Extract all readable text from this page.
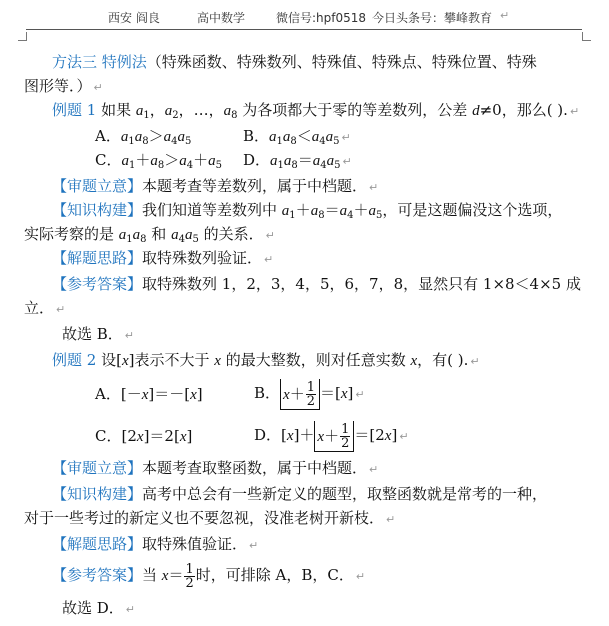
西安 阎良	高中数学	微信号:hpf0518 今日头条号：攀峰教育 ↵
方法三 特例法（特殊函数、特殊数列、特殊值、特殊点、特殊位置、特殊
图形等．） ↵
例题 1 如果 $a_1$，$a_2$，…，$a_8$ 为各项都大于零的等差数列，公差 d≠0，那么( ). ↵
A．$a_1a_8>a_4a_5$	B．$a_1a_8<a_4a_5$ ↵
C．$a_1+a_8>a_4+a_5$ D．$a_1a_8=a_4a_5$ ↵
【审题立意】本题考查等差数列，属于中档题． ↵
【知识构建】我们知道等差数列中 $a_1+a_8=a_4+a_5$，可是这题偏没这个选项，
实际考察的是 $a_1a_8$ 和 $a_4a_5$ 的关系． ↵
【解题思路】取特殊数列验证． ↵
【参考答案】取特殊数列 1，2，3，4，5，6，7，8，显然只有 1×8＜4×5 成
立． ↵
故选 B． ↵
例题 2 设[x]表示不大于 x 的最大整数，则对任意实数 x，有( ). ↵
A．[－x]＝－[x]	B． $x+ \frac{1}{2} =[x]$ ↵
C．[2x]＝2[x]	D．$[x]+ x+ \frac{1}{2} =[2x]$ ↵
【审题立意】本题考查取整函数，属于中档题． ↵
【知识构建】高考中总会有一些新定义的题型，取整函数就是常考的一种，
对于一些考过的新定义也不要忽视，没准老树开新枝． ↵
【解题思路】取特殊值验证． ↵
【参考答案】当 $x= \frac{1}{2}$ 时，可排除 A，B，C． ↵
故选 D． ↵
